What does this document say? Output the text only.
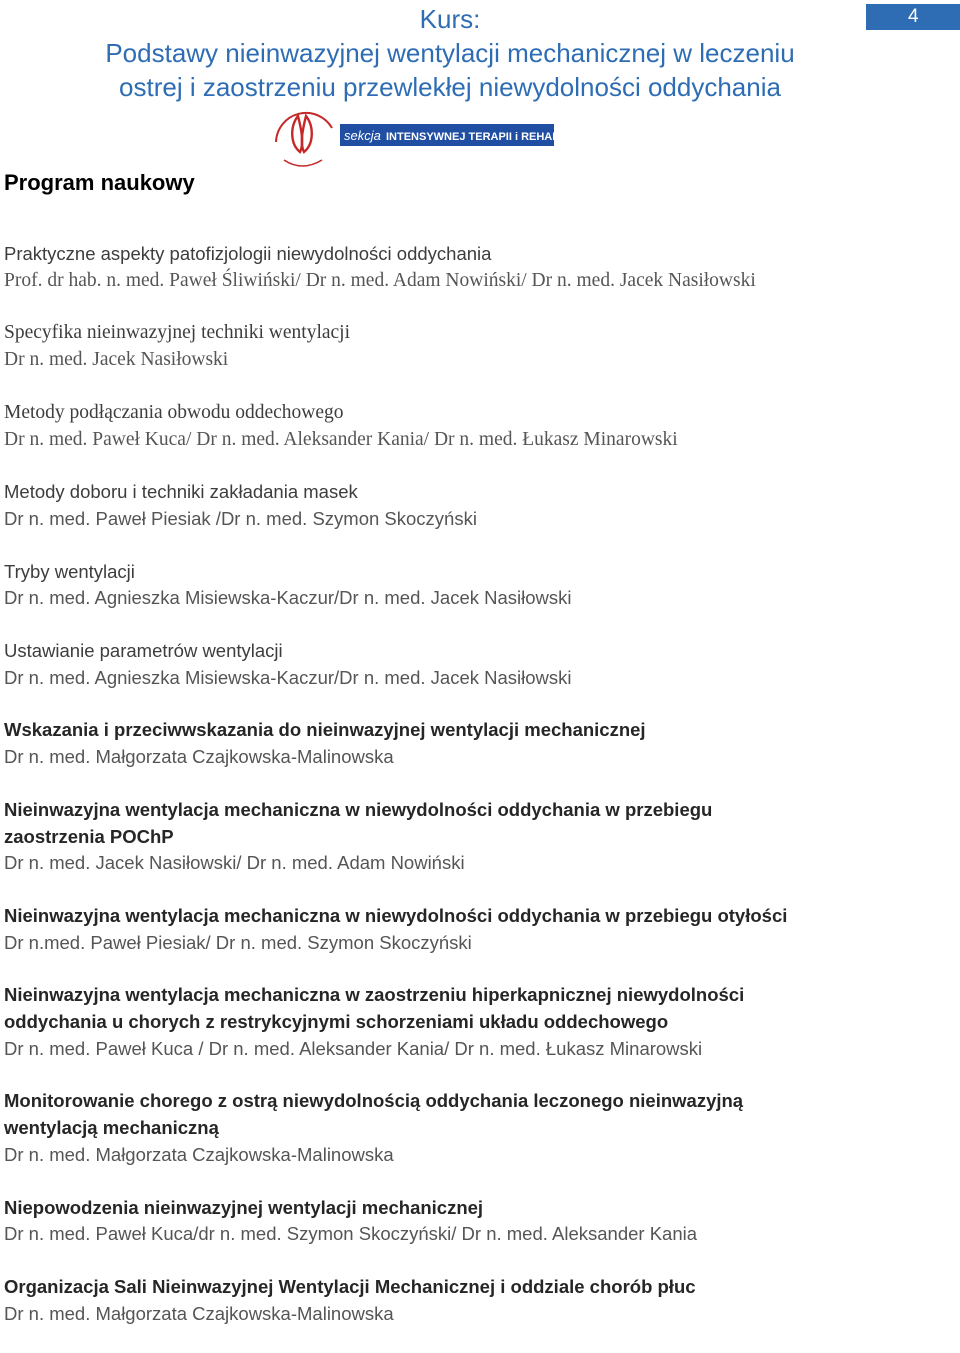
Kurs:
Podstawy nieinwazyjnej wentylacji mechanicznej w leczeniu
ostrej i zaostrzeniu przewlekłej niewydolności oddychania
4
sekcja INTENSYWNEJ TERAPII i REHABILITACJI
Program naukowy
Praktyczne aspekty patofizjologii niewydolności oddychania
Prof. dr hab. n. med. Paweł Śliwiński/ Dr n. med. Adam Nowiński/ Dr n. med. Jacek Nasiłowski
Specyfika nieinwazyjnej techniki wentylacji
Dr n. med. Jacek Nasiłowski
Metody podłączania obwodu oddechowego
Dr n. med. Paweł Kuca/ Dr n. med. Aleksander Kania/ Dr n. med. Łukasz Minarowski
Metody doboru i techniki zakładania masek
Dr n. med. Paweł Piesiak /Dr n. med. Szymon Skoczyński
Tryby wentylacji
Dr n. med. Agnieszka Misiewska-Kaczur/Dr n. med. Jacek Nasiłowski
Ustawianie parametrów wentylacji
Dr n. med. Agnieszka Misiewska-Kaczur/Dr n. med. Jacek Nasiłowski
Wskazania i przeciwwskazania do nieinwazyjnej wentylacji mechanicznej
Dr n. med. Małgorzata Czajkowska-Malinowska
Nieinwazyjna wentylacja mechaniczna w niewydolności oddychania w przebiegu zaostrzenia POChP
Dr n. med. Jacek Nasiłowski/ Dr n. med. Adam Nowiński
Nieinwazyjna wentylacja mechaniczna w niewydolności oddychania w przebiegu otyłości
Dr n.med. Paweł Piesiak/ Dr n. med. Szymon Skoczyński
Nieinwazyjna wentylacja mechaniczna w zaostrzeniu hiperkapnicznej niewydolności oddychania u chorych z restrykcyjnymi schorzeniami układu oddechowego
Dr n. med. Paweł Kuca / Dr n. med. Aleksander Kania/ Dr n. med. Łukasz Minarowski
Monitorowanie chorego z ostrą niewydolnością oddychania leczonego nieinwazyjną wentylacją mechaniczną
Dr n. med. Małgorzata Czajkowska-Malinowska
Niepowodzenia nieinwazyjnej wentylacji mechanicznej
Dr n. med. Paweł Kuca/dr n. med. Szymon Skoczyński/ Dr n. med. Aleksander Kania
Organizacja Sali Nieinwazyjnej Wentylacji Mechanicznej i oddziale chorób płuc
Dr n. med. Małgorzata Czajkowska-Malinowska
